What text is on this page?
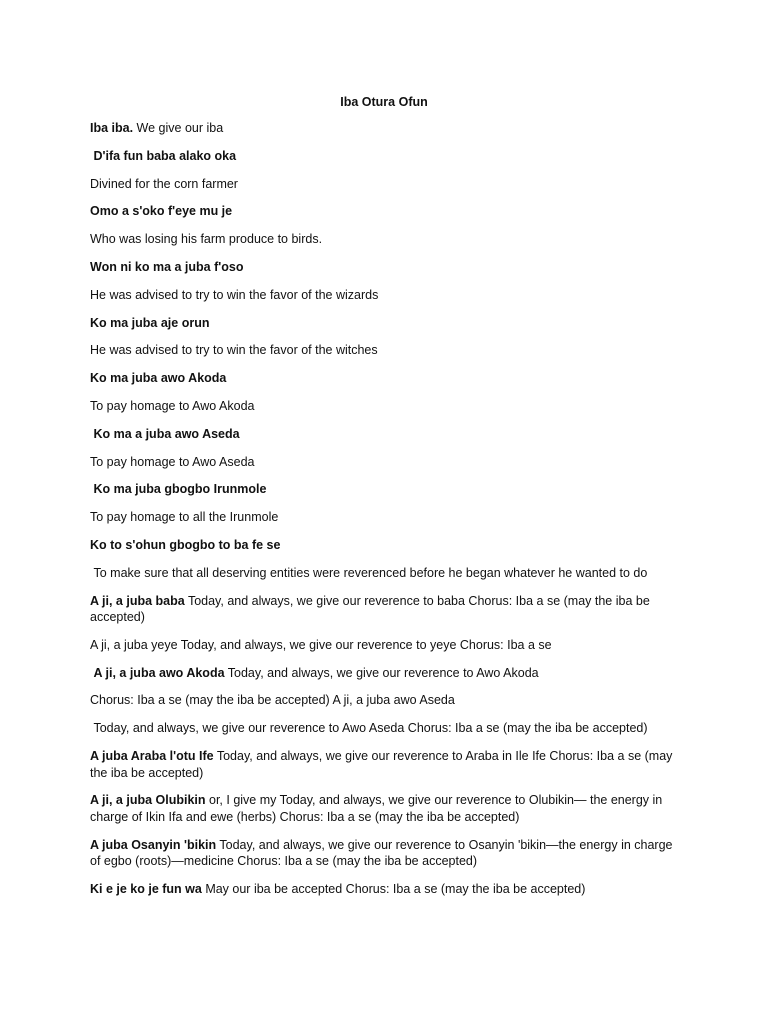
Iba Otura Ofun
Iba iba. We give our iba
D'ifa fun baba alako oka
Divined for the corn farmer
Omo a s'oko f'eye mu je
Who was losing his farm produce to birds.
Won ni ko ma a juba f'oso
He was advised to try to win the favor of the wizards
Ko ma juba aje orun
He was advised to try to win the favor of the witches
Ko ma juba awo Akoda
To pay homage to Awo Akoda
Ko ma a juba awo Aseda
To pay homage to Awo Aseda
Ko ma juba gbogbo Irunmole
To pay homage to all the Irunmole
Ko to s'ohun gbogbo to ba fe se
To make sure that all deserving entities were reverenced before he began whatever he wanted to do
A ji, a juba baba Today, and always, we give our reverence to baba Chorus: Iba a se (may the iba be accepted)
A ji, a juba yeye Today, and always, we give our reverence to yeye Chorus: Iba a se
A ji, a juba awo Akoda Today, and always, we give our reverence to Awo Akoda
Chorus: Iba a se (may the iba be accepted) A ji, a juba awo Aseda
Today, and always, we give our reverence to Awo Aseda Chorus: Iba a se (may the iba be accepted)
A juba Araba l'otu Ife Today, and always, we give our reverence to Araba in Ile Ife Chorus: Iba a se (may the iba be accepted)
A ji, a juba Olubikin or, I give my Today, and always, we give our reverence to Olubikin— the energy in charge of Ikin Ifa and ewe (herbs) Chorus: Iba a se (may the iba be accepted)
A juba Osanyin 'bikin Today, and always, we give our reverence to Osanyin 'bikin—the energy in charge of egbo (roots)—medicine Chorus: Iba a se (may the iba be accepted)
Ki e je ko je fun wa May our iba be accepted Chorus: Iba a se (may the iba be accepted)
